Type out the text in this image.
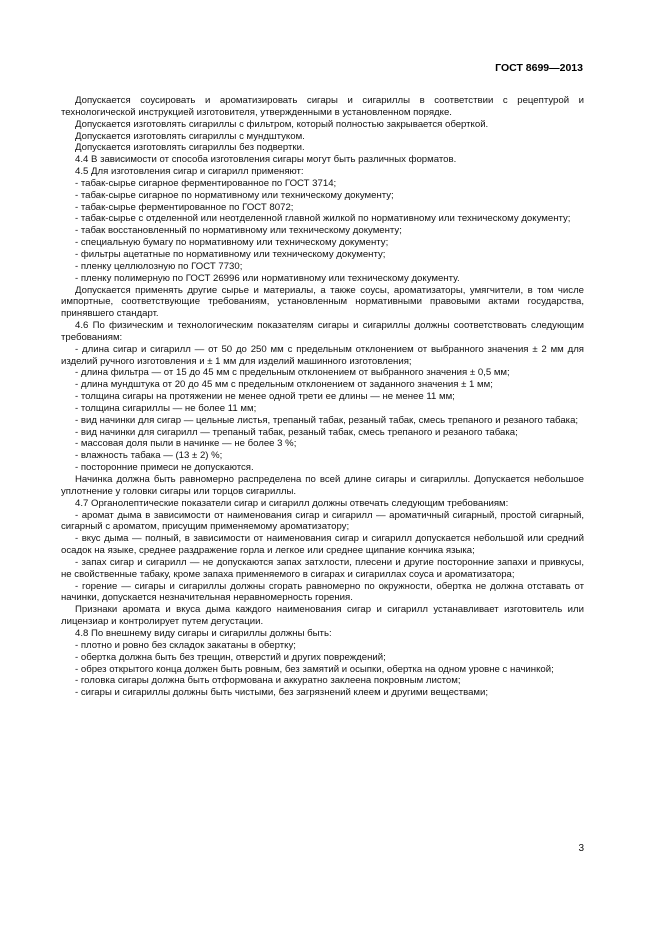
ГОСТ 8699—2013

Допускается соусировать и ароматизировать сигары и сигариллы в соответствии с рецептурой и технологической инструкцией изготовителя, утвержденными в установленном порядке.

Допускается изготовлять сигариллы с фильтром, который полностью закрывается оберткой.

Допускается изготовлять сигариллы с мундштуком.

Допускается изготовлять сигариллы без подвертки.

4.4 В зависимости от способа изготовления сигары могут быть различных форматов.

4.5 Для изготовления сигар и сигарилл применяют:

- табак-сырье сигарное ферментированное по ГОСТ 3714;

- табак-сырье сигарное по нормативному или техническому документу;

- табак-сырье ферментированное по ГОСТ 8072;

- табак-сырье с отделенной или неотделенной главной жилкой по нормативному или техническому документу;

- табак восстановленный по нормативному или техническому документу;

- специальную бумагу по нормативному или техническому документу;

- фильтры ацетатные по нормативному или техническому документу;

- пленку целлюлозную по ГОСТ 7730;

- пленку полимерную по ГОСТ 26996 или нормативному или техническому документу.

Допускается применять другие сырье и материалы, а также соусы, ароматизаторы, умягчители, в том числе импортные, соответствующие требованиям, установленным нормативными правовыми актами государства, принявшего стандарт.

4.6 По физическим и технологическим показателям сигары и сигариллы должны соответствовать следующим требованиям:

- длина сигар и сигарилл — от 50 до 250 мм с предельным отклонением от выбранного значения ± 2 мм для изделий ручного изготовления и ± 1 мм для изделий машинного изготовления;

- длина фильтра — от 15 до 45 мм с предельным отклонением от выбранного значения ± 0,5 мм;

- длина мундштука от 20 до 45 мм с предельным отклонением от заданного значения ± 1 мм;

- толщина сигары на протяжении не менее одной трети ее длины — не менее 11 мм;

- толщина сигариллы — не более 11 мм;

- вид начинки для сигар — цельные листья, трепаный табак, резаный табак, смесь трепаного и резаного табака;

- вид начинки для сигарилл — трепаный табак, резаный табак, смесь трепаного и резаного табака;

- массовая доля пыли в начинке — не более 3 %;

- влажность табака — (13 ± 2) %;

- посторонние примеси не допускаются.

Начинка должна быть равномерно распределена по всей длине сигары и сигариллы. Допускается небольшое уплотнение у головки сигары или торцов сигариллы.

4.7 Органолептические показатели сигар и сигарилл должны отвечать следующим требованиям:

- аромат дыма в зависимости от наименования сигар и сигарилл — ароматичный сигарный, простой сигарный, сигарный с ароматом, присущим применяемому ароматизатору;

- вкус дыма — полный, в зависимости от наименования сигар и сигарилл допускается небольшой или средний осадок на языке, среднее раздражение горла и легкое или среднее щипание кончика языка;

- запах сигар и сигарилл — не допускаются запах затхлости, плесени и другие посторонние запахи и привкусы, не свойственные табаку, кроме запаха применяемого в сигарах и сигариллах соуса и ароматизатора;

- горение — сигары и сигариллы должны сгорать равномерно по окружности, обертка не должна отставать от начинки, допускается незначительная неравномерность горения.

Признаки аромата и вкуса дыма каждого наименования сигар и сигарилл устанавливает изготовитель или лицензиар и контролирует путем дегустации.

4.8 По внешнему виду сигары и сигариллы должны быть:

- плотно и ровно без складок закатаны в обертку;

- обертка должна быть без трещин, отверстий и других повреждений;

- обрез открытого конца должен быть ровным, без замятий и осыпки, обертка на одном уровне с начинкой;

- головка сигары должна быть отформована и аккуратно заклеена покровным листом;

- сигары и сигариллы должны быть чистыми, без загрязнений клеем и другими веществами;

3
